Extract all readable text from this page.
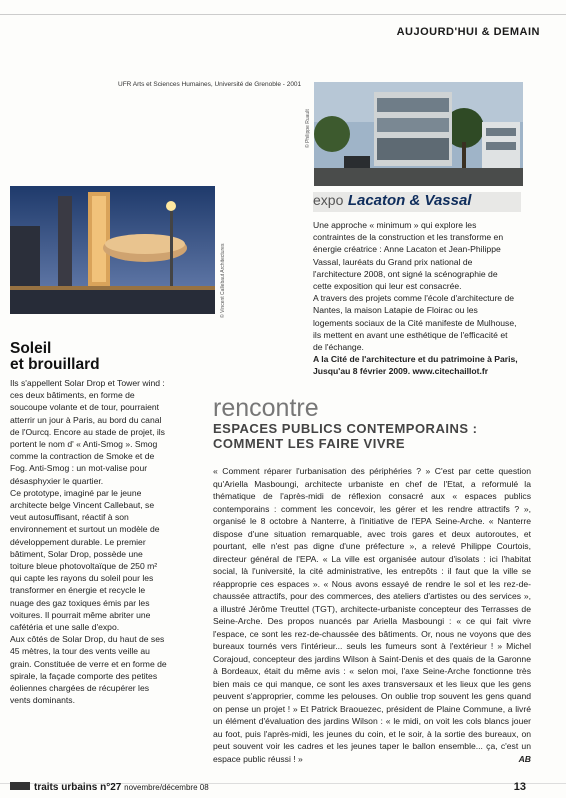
AUJOURD'HUI & DEMAIN
UFR Arts et Sciences Humaines, Université de Grenoble - 2001
© Philippe Ruault
expo Lacaton & Vassal

Une approche « minimum » qui explore les contraintes de la construction et les transforme en énergie créatrice : Anne Lacaton et Jean-Philippe Vassal, lauréats du Grand prix national de l'architecture 2008, ont signé la scénographie de cette exposition qui leur est consacrée.

A travers des projets comme l'école d'architecture de Nantes, la maison Latapie de Floirac ou les logements sociaux de la Cité manifeste de Mulhouse, ils mettent en avant une esthétique de l'efficacité et de l'échange.

A la Cité de l'architecture et du patrimoine à Paris, Jusqu'au 8 février 2009. www.citechaillot.fr

© Vincent Callebaut Architectures
Soleil
et brouillard

Ils s'appellent Solar Drop et Tower wind : ces deux bâtiments, en forme de soucoupe volante et de tour, pourraient atterrir un jour à Paris, au bord du canal de l'Ourcq. Encore au stade de projet, ils portent le nom d' « Anti-Smog ». Smog comme la contraction de Smoke et de Fog. Anti-Smog : un mot-valise pour désasphyxier le quartier.

Ce prototype, imaginé par le jeune architecte belge Vincent Callebaut, se veut autosuffisant, réactif à son environnement et surtout un modèle de développement durable. Le premier bâtiment, Solar Drop, possède une toiture bleue photovoltaïque de 250 m² qui capte les rayons du soleil pour les transformer en énergie et recycle le nuage des gaz toxiques émis par les voitures. Il pourrait même abriter une cafétéria et une salle d'expo.

Aux côtés de Solar Drop, du haut de ses 45 mètres, la tour des vents veille au grain. Constituée de verre et en forme de spirale, la façade comporte des petites éoliennes chargées de récupérer les vents dominants.

rencontre
ESPACES PUBLICS CONTEMPORAINS :
COMMENT LES FAIRE VIVRE

« Comment réparer l'urbanisation des périphéries ? » C'est par cette question qu'Ariella Masboungi, architecte urbaniste en chef de l'Etat, a reformulé la thématique de l'après-midi de réflexion consacré aux « espaces publics contemporains : comment les concevoir, les gérer et les rendre attractifs ? », organisé le 8 octobre à Nanterre, à l'initiative de l'EPA Seine-Arche. « Nanterre dispose d'une situation remarquable, avec trois gares et deux autoroutes, et pourtant, elle n'est pas digne d'une préfecture », a relevé Philippe Courtois, directeur général de l'EPA. « La ville est organisée autour d'isolats : ici l'habitat social, là l'université, la cité administrative, les entrepôts : il faut que la ville se réapproprie ces espaces ». « Nous avons essayé de rendre le sol et les rez-de-chaussée attractifs, pour des commerces, des ateliers d'artistes ou des services », a illustré Jérôme Treuttel (TGT), architecte-urbaniste concepteur des Terrasses de Seine-Arche. Des propos nuancés par Ariella Masboungi : « ce qui fait vivre l'espace, ce sont les rez-de-chaussée des bâtiments. Or, nous ne voyons que des bureaux tournés vers l'intérieur... seuls les fumeurs sont à l'extérieur ! » Michel Corajoud, concepteur des jardins Wilson à Saint-Denis et des quais de la Garonne à Bordeaux, était du même avis : « selon moi, l'axe Seine-Arche fonctionne très bien mais ce qui manque, ce sont les axes transversaux et les lieux que les gens peuvent s'approprier, comme les pelouses. On oublie trop souvent les gens quand on pense un projet ! » Et Patrick Braouezec, président de Plaine Commune, a livré un élément d'évaluation des jardins Wilson : « le midi, on voit les cols blancs jouer au foot, puis l'après-midi, les jeunes du coin, et le soir, à la sortie des bureaux, on peut souvent voir les cadres et les jeunes taper le ballon ensemble... ça, c'est un espace public réussi ! »	AB

traits urbains n°27 novembre/décembre 08	13
